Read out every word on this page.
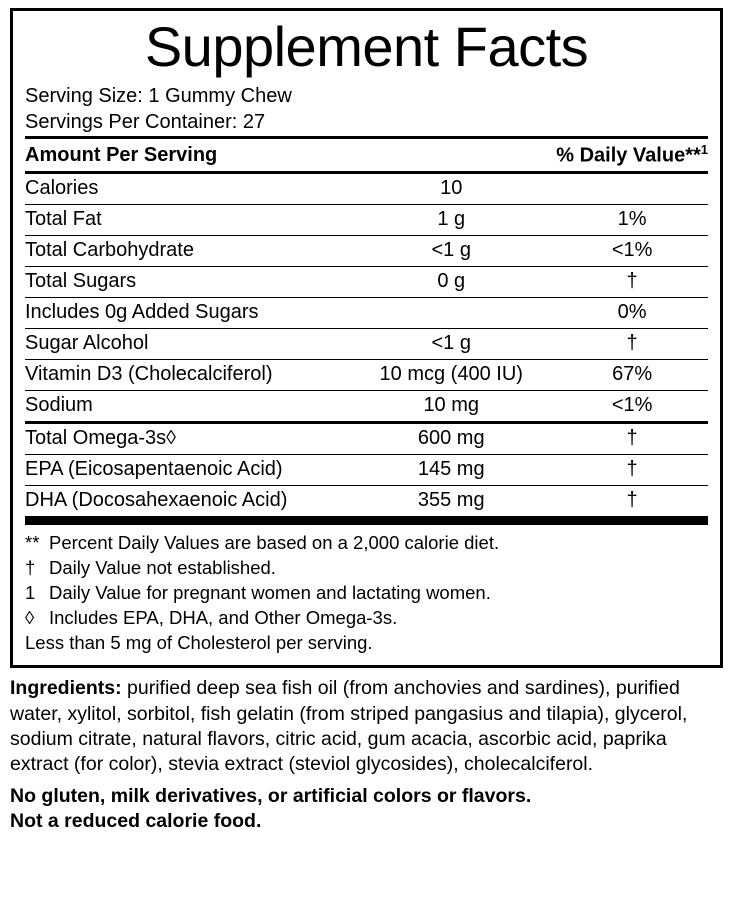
Supplement Facts
Serving Size: 1 Gummy Chew
Servings Per Container: 27
Amount Per Serving		% Daily Value**$^1$
Calories	10	
Total Fat	1 g	1%
Total Carbohydrate	<1 g	<1%
Total Sugars	0 g	†
Includes 0g Added Sugars		0%
Sugar Alcohol	<1 g	†
Vitamin D3 (Cholecalciferol)	10 mcg (400 IU)	67%
Sodium	10 mg	<1%
Total Omega-3s◊	600 mg	†
EPA (Eicosapentaenoic Acid)	145 mg	†
DHA (Docosahexaenoic Acid)	355 mg	†

** Percent Daily Values are based on a 2,000 calorie diet.
† Daily Value not established.
1 Daily Value for pregnant women and lactating women.
◊ Includes EPA, DHA, and Other Omega-3s.
Less than 5 mg of Cholesterol per serving.
Ingredients: purified deep sea fish oil (from anchovies and sardines), purified water, xylitol, sorbitol, fish gelatin (from striped pangasius and tilapia), glycerol, sodium citrate, natural flavors, citric acid, gum acacia, ascorbic acid, paprika extract (for color), stevia extract (steviol glycosides), cholecalciferol.
No gluten, milk derivatives, or artificial colors or flavors.
Not a reduced calorie food.
